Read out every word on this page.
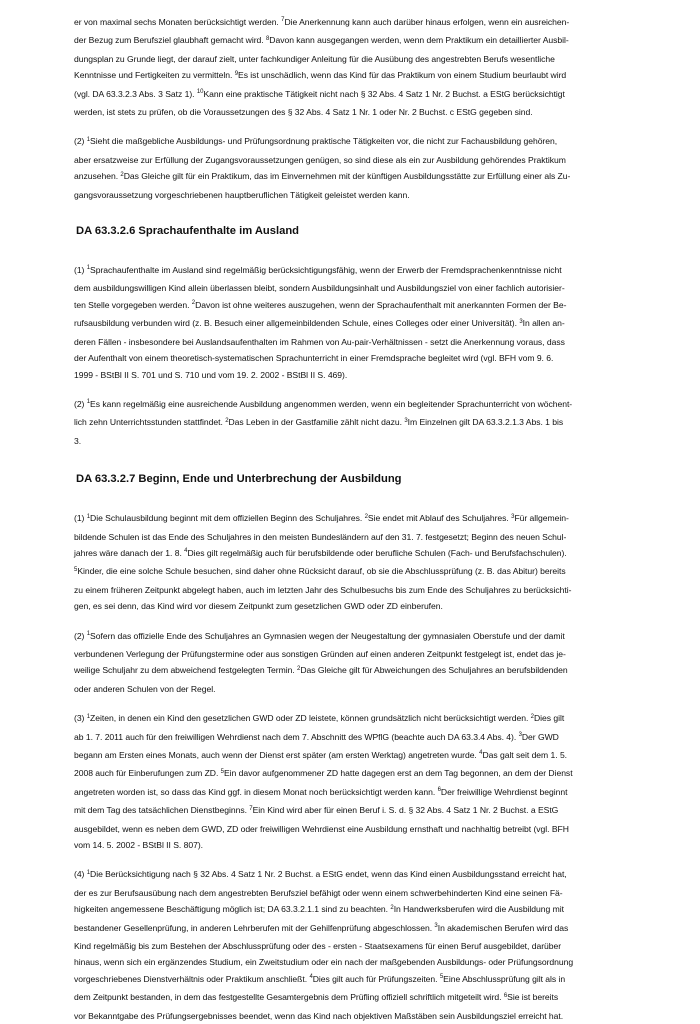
er von maximal sechs Monaten berücksichtigt werden. $^7$Die Anerkennung kann auch darüber hinaus erfolgen, wenn ein ausreichen-
der Bezug zum Berufsziel glaubhaft gemacht wird. $^8$Davon kann ausgegangen werden, wenn dem Praktikum ein detaillierter Ausbil-
dungsplan zu Grunde liegt, der darauf zielt, unter fachkundiger Anleitung für die Ausübung des angestrebten Berufs wesentliche
Kenntnisse und Fertigkeiten zu vermitteln. $^9$Es ist unschädlich, wenn das Kind für das Praktikum von einem Studium beurlaubt wird
(vgl. DA 63.3.2.3 Abs. 3 Satz 1). $^{10}$Kann eine praktische Tätigkeit nicht nach § 32 Abs. 4 Satz 1 Nr. 2 Buchst. a EStG berücksichtigt
werden, ist stets zu prüfen, ob die Voraussetzungen des § 32 Abs. 4 Satz 1 Nr. 1 oder Nr. 2 Buchst. c EStG gegeben sind.
(2) $^1$Sieht die maßgebliche Ausbildungs- und Prüfungsordnung praktische Tätigkeiten vor, die nicht zur Fachausbildung gehören,
aber ersatzweise zur Erfüllung der Zugangsvoraussetzungen genügen, so sind diese als ein zur Ausbildung gehörendes Praktikum
anzusehen. $^2$Das Gleiche gilt für ein Praktikum, das im Einvernehmen mit der künftigen Ausbildungsstätte zur Erfüllung einer als Zu-
gangsvoraussetzung vorgeschriebenen hauptberuflichen Tätigkeit geleistet werden kann.
DA 63.3.2.6 Sprachaufenthalte im Ausland
(1) $^1$Sprachaufenthalte im Ausland sind regelmäßig berücksichtigungsfähig, wenn der Erwerb der Fremdsprachenkenntnisse nicht
dem ausbildungswilligen Kind allein überlassen bleibt, sondern Ausbildungsinhalt und Ausbildungsziel von einer fachlich autorisier-
ten Stelle vorgegeben werden. $^2$Davon ist ohne weiteres auszugehen, wenn der Sprachaufenthalt mit anerkannten Formen der Be-
rufsausbildung verbunden wird (z. B. Besuch einer allgemeinbildenden Schule, eines Colleges oder einer Universität). $^3$In allen an-
deren Fällen - insbesondere bei Auslandsaufenthalten im Rahmen von Au-pair-Verhältnissen - setzt die Anerkennung voraus, dass
der Aufenthalt von einem theoretisch-systematischen Sprachunterricht in einer Fremdsprache begleitet wird (vgl. BFH vom 9. 6.
1999 - BStBl II S. 701 und S. 710 und vom 19. 2. 2002 - BStBl II S. 469).
(2) $^1$Es kann regelmäßig eine ausreichende Ausbildung angenommen werden, wenn ein begleitender Sprachunterricht von wöchent-
lich zehn Unterrichtsstunden stattfindet. $^2$Das Leben in der Gastfamilie zählt nicht dazu. $^3$Im Einzelnen gilt DA 63.3.2.1.3 Abs. 1 bis
3.
DA 63.3.2.7 Beginn, Ende und Unterbrechung der Ausbildung
(1) $^1$Die Schulausbildung beginnt mit dem offiziellen Beginn des Schuljahres. $^2$Sie endet mit Ablauf des Schuljahres. $^3$Für allgemein-
bildende Schulen ist das Ende des Schuljahres in den meisten Bundesländern auf den 31. 7. festgesetzt; Beginn des neuen Schul-
jahres wäre danach der 1. 8. $^4$Dies gilt regelmäßig auch für berufsbildende oder berufliche Schulen (Fach- und Berufsfachschulen).
$^5$Kinder, die eine solche Schule besuchen, sind daher ohne Rücksicht darauf, ob sie die Abschlussprüfung (z. B. das Abitur) bereits
zu einem früheren Zeitpunkt abgelegt haben, auch im letzten Jahr des Schulbesuchs bis zum Ende des Schuljahres zu berücksichti-
gen, es sei denn, das Kind wird vor diesem Zeitpunkt zum gesetzlichen GWD oder ZD einberufen.
(2) $^1$Sofern das offizielle Ende des Schuljahres an Gymnasien wegen der Neugestaltung der gymnasialen Oberstufe und der damit
verbundenen Verlegung der Prüfungstermine oder aus sonstigen Gründen auf einen anderen Zeitpunkt festgelegt ist, endet das je-
weilige Schuljahr zu dem abweichend festgelegten Termin. $^2$Das Gleiche gilt für Abweichungen des Schuljahres an berufsbildenden
oder anderen Schulen von der Regel.
(3) $^1$Zeiten, in denen ein Kind den gesetzlichen GWD oder ZD leistete, können grundsätzlich nicht berücksichtigt werden. $^2$Dies gilt
ab 1. 7. 2011 auch für den freiwilligen Wehrdienst nach dem 7. Abschnitt des WPflG (beachte auch DA 63.3.4 Abs. 4). $^3$Der GWD
begann am Ersten eines Monats, auch wenn der Dienst erst später (am ersten Werktag) angetreten wurde. $^4$Das galt seit dem 1. 5.
2008 auch für Einberufungen zum ZD. $^5$Ein davor aufgenommener ZD hatte dagegen erst an dem Tag begonnen, an dem der Dienst
angetreten worden ist, so dass das Kind ggf. in diesem Monat noch berücksichtigt werden kann. $^6$Der freiwillige Wehrdienst beginnt
mit dem Tag des tatsächlichen Dienstbeginns. $^7$Ein Kind wird aber für einen Beruf i. S. d. § 32 Abs. 4 Satz 1 Nr. 2 Buchst. a EStG
ausgebildet, wenn es neben dem GWD, ZD oder freiwilligen Wehrdienst eine Ausbildung ernsthaft und nachhaltig betreibt (vgl. BFH
vom 14. 5. 2002 - BStBl II S. 807).
(4) $^1$Die Berücksichtigung nach § 32 Abs. 4 Satz 1 Nr. 2 Buchst. a EStG endet, wenn das Kind einen Ausbildungsstand erreicht hat,
der es zur Berufsausübung nach dem angestrebten Berufsziel befähigt oder wenn einem schwerbehinderten Kind eine seinen Fä-
higkeiten angemessene Beschäftigung möglich ist; DA 63.3.2.1.1 sind zu beachten. $^2$In Handwerksberufen wird die Ausbildung mit
bestandener Gesellenprüfung, in anderen Lehrberufen mit der Gehilfenprüfung abgeschlossen. $^3$In akademischen Berufen wird das
Kind regelmäßig bis zum Bestehen der Abschlussprüfung oder des - ersten - Staatsexamens für einen Beruf ausgebildet, darüber
hinaus, wenn sich ein ergänzendes Studium, ein Zweitstudium oder ein nach der maßgebenden Ausbildungs- oder Prüfungsordnung
vorgeschriebenes Dienstverhältnis oder Praktikum anschließt. $^4$Dies gilt auch für Prüfungszeiten. $^5$Eine Abschlussprüfung gilt als in
dem Zeitpunkt bestanden, in dem das festgestellte Gesamtergebnis dem Prüfling offiziell schriftlich mitgeteilt wird. $^6$Sie ist bereits
vor Bekanntgabe des Prüfungsergebnisses beendet, wenn das Kind nach objektiven Maßstäben sein Ausbildungsziel erreicht hat.
